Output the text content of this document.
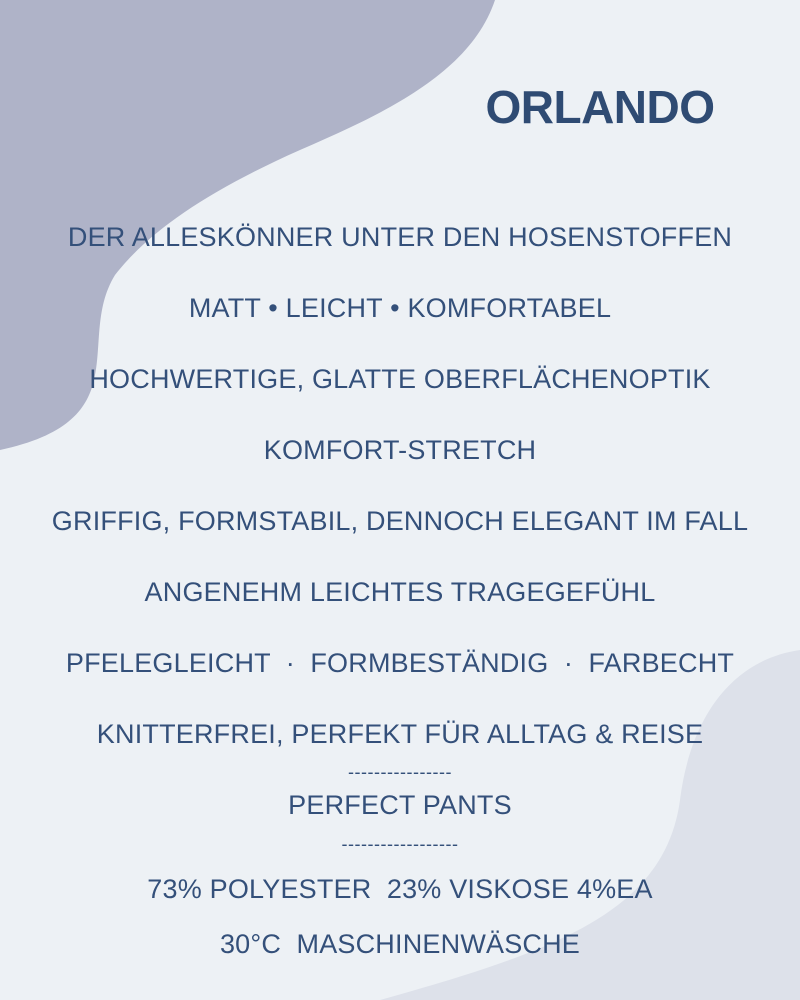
ORLANDO

DER ALLESKÖNNER UNTER DEN HOSENSTOFFEN

MATT • LEICHT • KOMFORTABEL

HOCHWERTIGE, GLATTE OBERFLÄCHENOPTIK

KOMFORT-STRETCH

GRIFFIG, FORMSTABIL, DENNOCH ELEGANT IM FALL

ANGENEHM LEICHTES TRAGEGEFÜHL

PFELEGLEICHT  ·  FORMBESTÄNDIG  ·  FARBECHT

KNITTERFREI, PERFEKT FÜR ALLTAG & REISE

----------------

PERFECT PANTS

------------------

73% POLYESTER  23% VISKOSE 4%EA

30°C  MASCHINENWÄSCHE
